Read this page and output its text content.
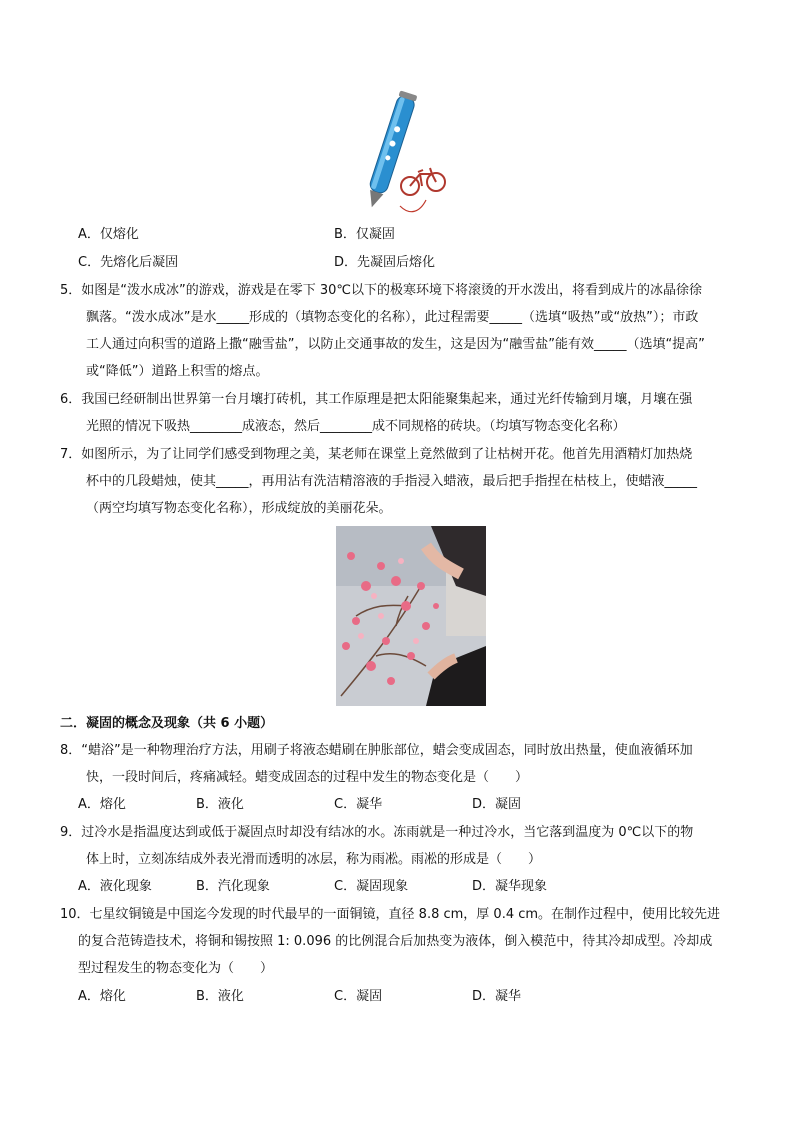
A．仅熔化	B．仅凝固
C．先熔化后凝固	D．先凝固后熔化
5．如图是“泼水成冰”的游戏，游戏是在零下 30℃以下的极寒环境下将滚烫的开水泼出，将看到成片的冰晶徐徐
飘落。“泼水成冰”是水_____形成的（填物态变化的名称），此过程需要_____（选填“吸热”或“放热”）；市政
工人通过向积雪的道路上撒“融雪盐”，以防止交通事故的发生，这是因为“融雪盐”能有效_____（选填“提高”
或“降低”）道路上积雪的熔点。
6．我国已经研制出世界第一台月壤打砖机，其工作原理是把太阳能聚集起来，通过光纤传输到月壤，月壤在强
光照的情况下吸热________成液态，然后________成不同规格的砖块。（均填写物态变化名称）
7．如图所示，为了让同学们感受到物理之美，某老师在课堂上竟然做到了让枯树开花。他首先用酒精灯加热烧
杯中的几段蜡烛，使其_____，再用沾有洗洁精溶液的手指浸入蜡液，最后把手指捏在枯枝上，使蜡液_____
（两空均填写物态变化名称），形成绽放的美丽花朵。
二．凝固的概念及现象（共 6 小题）
8．“蜡浴”是一种物理治疗方法，用刷子将液态蜡刷在肿胀部位，蜡会变成固态，同时放出热量，使血液循环加
快，一段时间后，疼痛减轻。蜡变成固态的过程中发生的物态变化是（　　）
A．熔化	B．液化	C．凝华	D．凝固
9．过冷水是指温度达到或低于凝固点时却没有结冰的水。冻雨就是一种过冷水，当它落到温度为 0℃以下的物
体上时，立刻冻结成外表光滑而透明的冰层，称为雨凇。雨凇的形成是（　　）
A．液化现象	B．汽化现象	C．凝固现象	D．凝华现象
10．七星纹铜镜是中国迄今发现的时代最早的一面铜镜，直径 8.8 cm，厚 0.4 cm。在制作过程中，使用比较先进
的复合范铸造技术，将铜和锡按照 1: 0.096 的比例混合后加热变为液体，倒入模范中，待其冷却成型。冷却成
型过程发生的物态变化为（　　）
A．熔化	B．液化	C．凝固	D．凝华
